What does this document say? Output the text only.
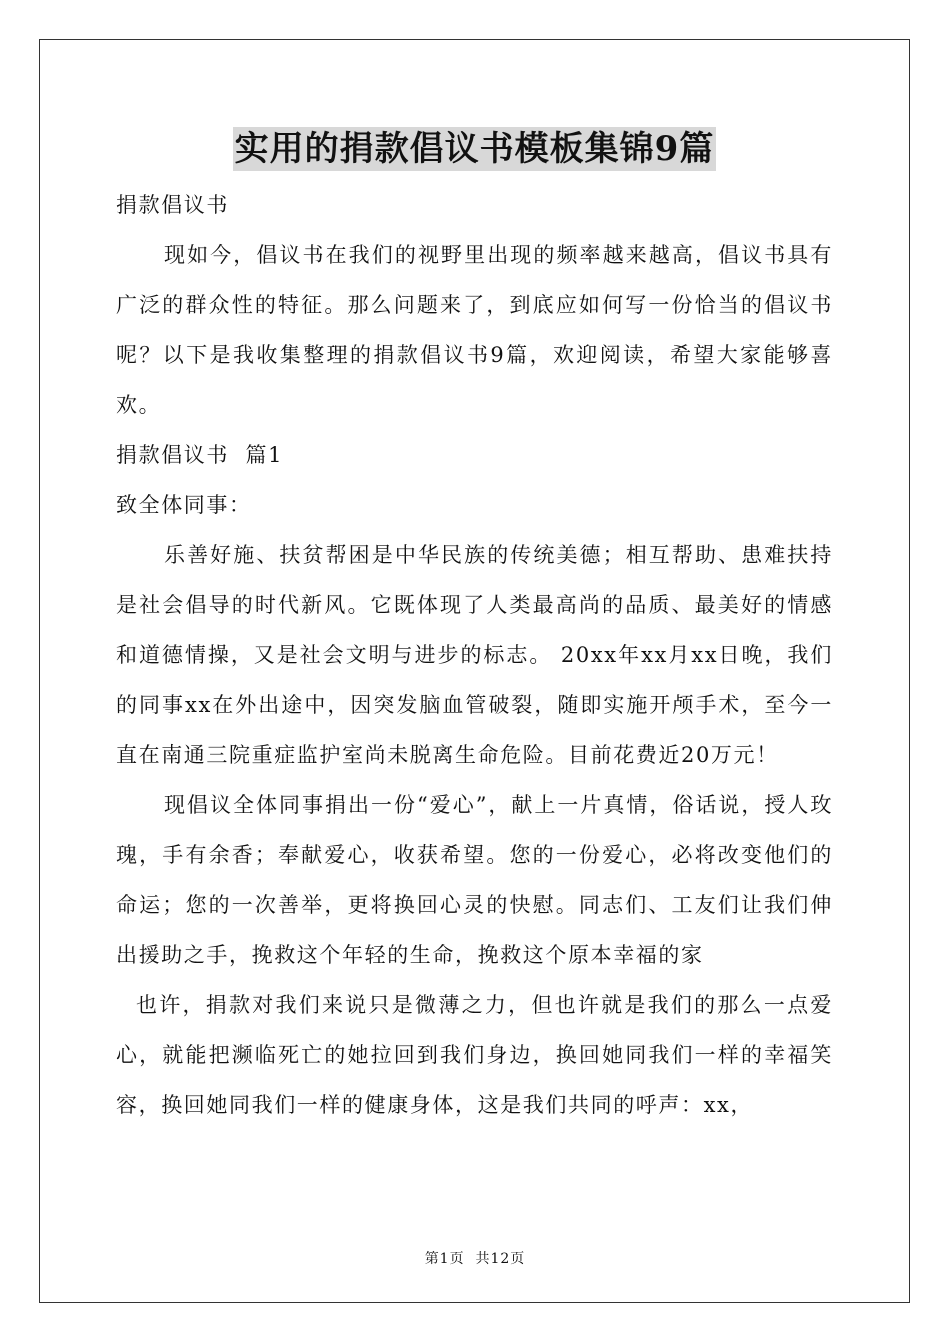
实用的捐款倡议书模板集锦9篇

捐款倡议书

现如今，倡议书在我们的视野里出现的频率越来越高，倡议书具有广泛的群众性的特征。那么问题来了，到底应如何写一份恰当的倡议书呢？以下是我收集整理的捐款倡议书9篇，欢迎阅读，希望大家能够喜欢。

捐款倡议书  篇1

致全体同事：

乐善好施、扶贫帮困是中华民族的传统美德；相互帮助、患难扶持是社会倡导的时代新风。它既体现了人类最高尚的品质、最美好的情感和道德情操，又是社会文明与进步的标志。 20xx年xx月xx日晚，我们的同事xx在外出途中，因突发脑血管破裂，随即实施开颅手术，至今一直在南通三院重症监护室尚未脱离生命危险。目前花费近20万元！

现倡议全体同事捐出一份“爱心”，献上一片真情，俗话说，授人玫瑰，手有余香；奉献爱心，收获希望。您的一份爱心，必将改变他们的命运；您的一次善举，更将换回心灵的快慰。同志们、工友们让我们伸出援助之手，挽救这个年轻的生命，挽救这个原本幸福的家

也许，捐款对我们来说只是微薄之力，但也许就是我们的那么一点爱心，就能把濒临死亡的她拉回到我们身边，换回她同我们一样的幸福笑容，换回她同我们一样的健康身体，这是我们共同的呼声：xx，

第1页  共12页
